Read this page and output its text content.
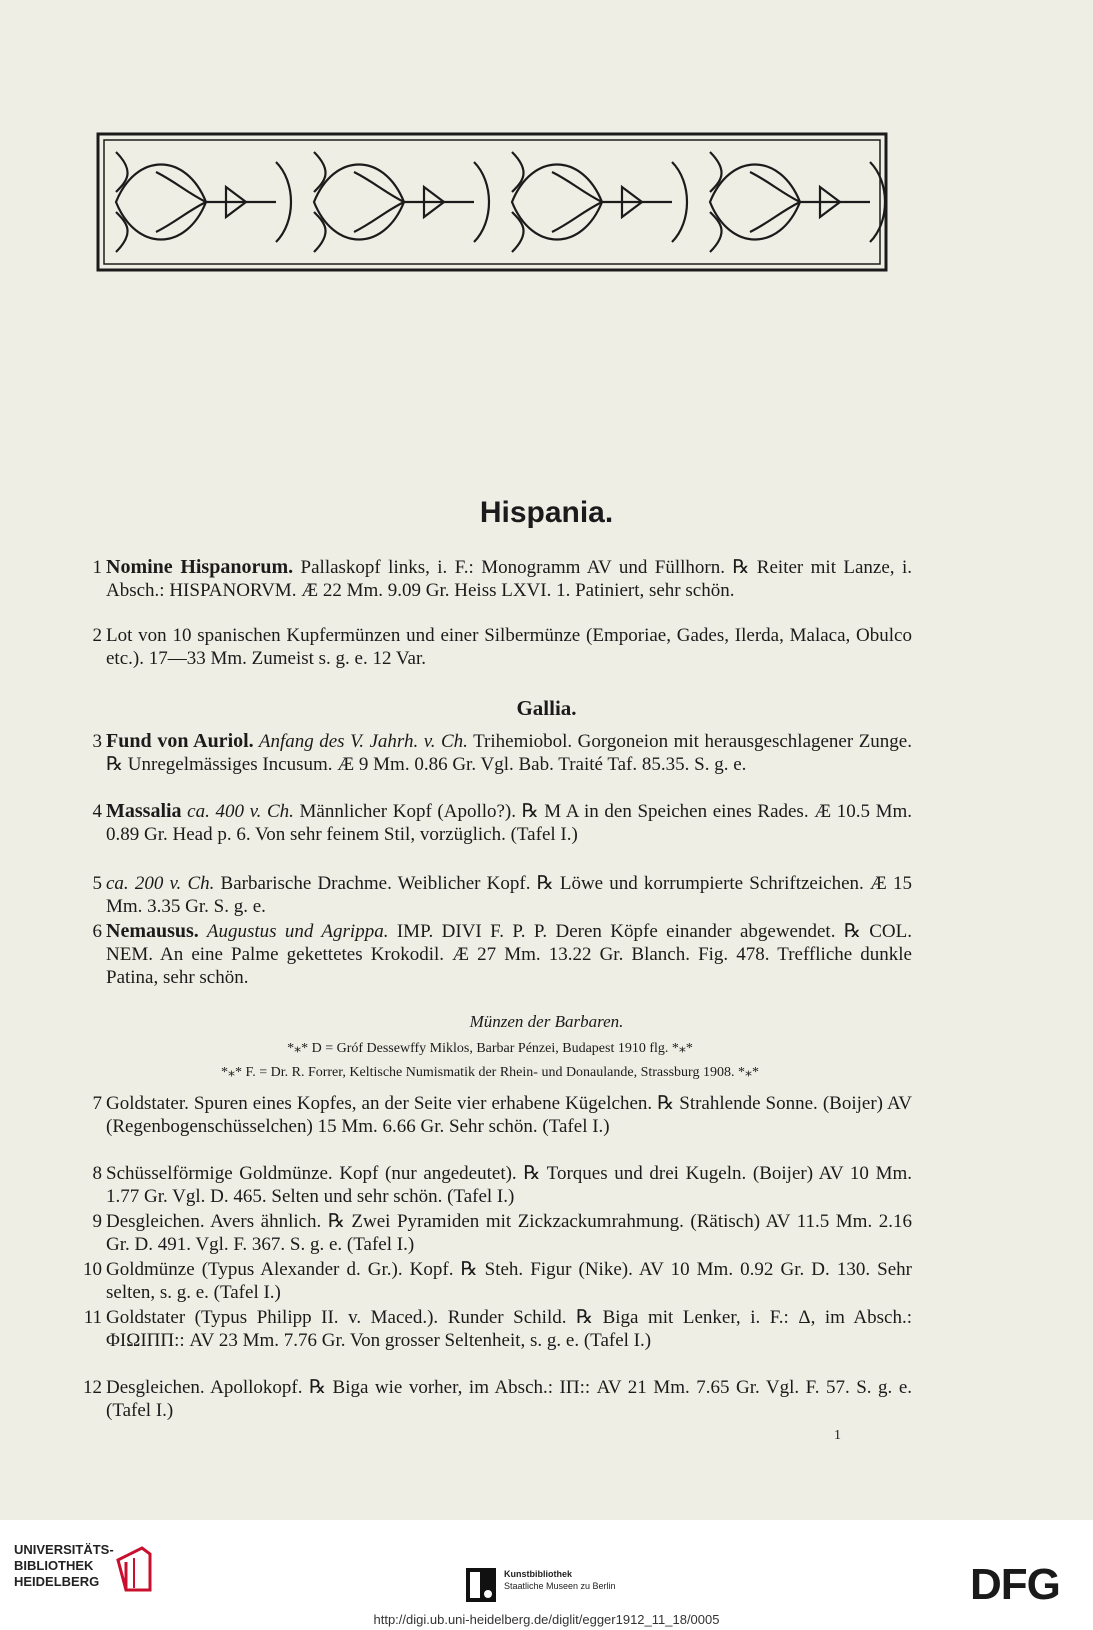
Hispania.
1 Nomine Hispanorum. Pallaskopf links, i. F.: Monogramm AV und Füllhorn. ℞ Reiter mit Lanze, i. Absch.: HISPANORVM. Æ 22 Mm. 9.09 Gr. Heiss LXVI. 1. Patiniert, sehr schön.
2 Lot von 10 spanischen Kupfermünzen und einer Silbermünze (Emporiae, Gades, Ilerda, Malaca, Obulco etc.). 17—33 Mm. Zumeist s. g. e. 12 Var.
Gallia.
3 Fund von Auriol. Anfang des V. Jahrh. v. Ch. Trihemiobol. Gorgoneion mit herausgeschlagener Zunge. ℞ Unregelmässiges Incusum. Æ 9 Mm. 0.86 Gr. Vgl. Bab. Traité Taf. 85.35. S. g. e.
4 Massalia ca. 400 v. Ch. Männlicher Kopf (Apollo?). ℞ M A in den Speichen eines Rades. Æ 10.5 Mm. 0.89 Gr. Head p. 6. Von sehr feinem Stil, vorzüglich. (Tafel I.)
5 ca. 200 v. Ch. Barbarische Drachme. Weiblicher Kopf. ℞ Löwe und korrumpierte Schriftzeichen. Æ 15 Mm. 3.35 Gr. S. g. e.
6 Nemausus. Augustus und Agrippa. IMP. DIVI F. P. P. Deren Köpfe einander abgewendet. ℞ COL. NEM. An eine Palme gekettetes Krokodil. Æ 27 Mm. 13.22 Gr. Blanch. Fig. 478. Treffliche dunkle Patina, sehr schön.
Münzen der Barbaren.
*⁎* D = Gróf Dessewffy Miklos, Barbar Pénzei, Budapest 1910 flg. *⁎*
*⁎* F. = Dr. R. Forrer, Keltische Numismatik der Rhein- und Donaulande, Strassburg 1908. *⁎*
7 Goldstater. Spuren eines Kopfes, an der Seite vier erhabene Kügelchen. ℞ Strahlende Sonne. (Boijer) AV (Regenbogenschüsselchen) 15 Mm. 6.66 Gr. Sehr schön. (Tafel I.)
8 Schüsselförmige Goldmünze. Kopf (nur angedeutet). ℞ Torques und drei Kugeln. (Boijer) AV 10 Mm. 1.77 Gr. Vgl. D. 465. Selten und sehr schön. (Tafel I.)
9 Desgleichen. Avers ähnlich. ℞ Zwei Pyramiden mit Zickzackumrahmung. (Rätisch) AV 11.5 Mm. 2.16 Gr. D. 491. Vgl. F. 367. S. g. e. (Tafel I.)
10 Goldmünze (Typus Alexander d. Gr.). Kopf. ℞ Steh. Figur (Nike). AV 10 Mm. 0.92 Gr. D. 130. Sehr selten, s. g. e. (Tafel I.)
11 Goldstater (Typus Philipp II. v. Maced.). Runder Schild. ℞ Biga mit Lenker, i. F.: Δ, im Absch.: ΦΙΩΙΠΠ:: AV 23 Mm. 7.76 Gr. Von grosser Seltenheit, s. g. e. (Tafel I.)
12 Desgleichen. Apollokopf. ℞ Biga wie vorher, im Absch.: ΙΠ:: AV 21 Mm. 7.65 Gr. Vgl. F. 57. S. g. e. (Tafel I.)
1
UNIVERSITÄTS-
BIBLIOTHEK
HEIDELBERG	Kunstbibliothek
Staatliche Museen zu Berlin	DFG
http://digi.ub.uni-heidelberg.de/diglit/egger1912_11_18/0005
